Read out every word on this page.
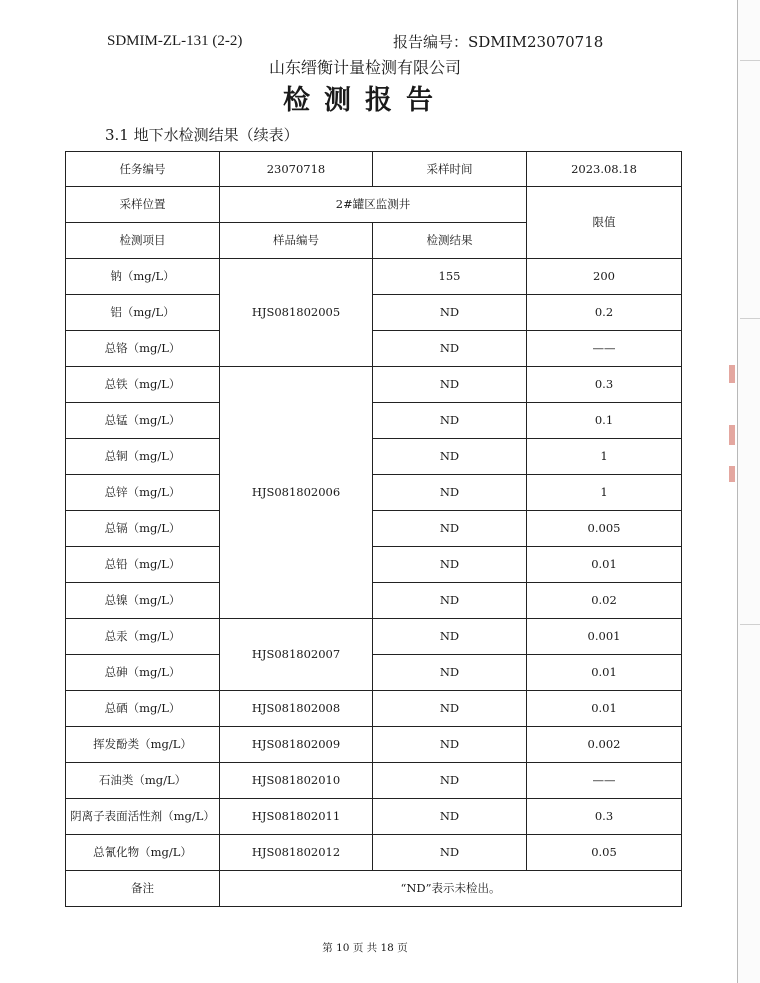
SDMIM-ZL-131 (2-2)	报告编号：SDMIM23070718
山东缙衡计量检测有限公司
检测报告
3.1 地下水检测结果（续表）
任务编号	23070718	采样时间	2023.08.18
采样位置	2#罐区监测井		限值
检测项目	样品编号	检测结果	
钠（mg/L）	HJS081802005	155	200
铝（mg/L）		ND	0.2
总铬（mg/L）		ND	——
总铁（mg/L）	HJS081802006	ND	0.3
总锰（mg/L）		ND	0.1
总铜（mg/L）		ND	1
总锌（mg/L）		ND	1
总镉（mg/L）		ND	0.005
总铅（mg/L）		ND	0.01
总镍（mg/L）		ND	0.02
总汞（mg/L）	HJS081802007	ND	0.001
总砷（mg/L）		ND	0.01
总硒（mg/L）	HJS081802008	ND	0.01
挥发酚类（mg/L）	HJS081802009	ND	0.002
石油类（mg/L）	HJS081802010	ND	——
阴离子表面活性剂（mg/L）	HJS081802011	ND	0.3
总氰化物（mg/L）	HJS081802012	ND	0.05
备注	“ND”表示未检出。		
第 10 页 共 18 页
